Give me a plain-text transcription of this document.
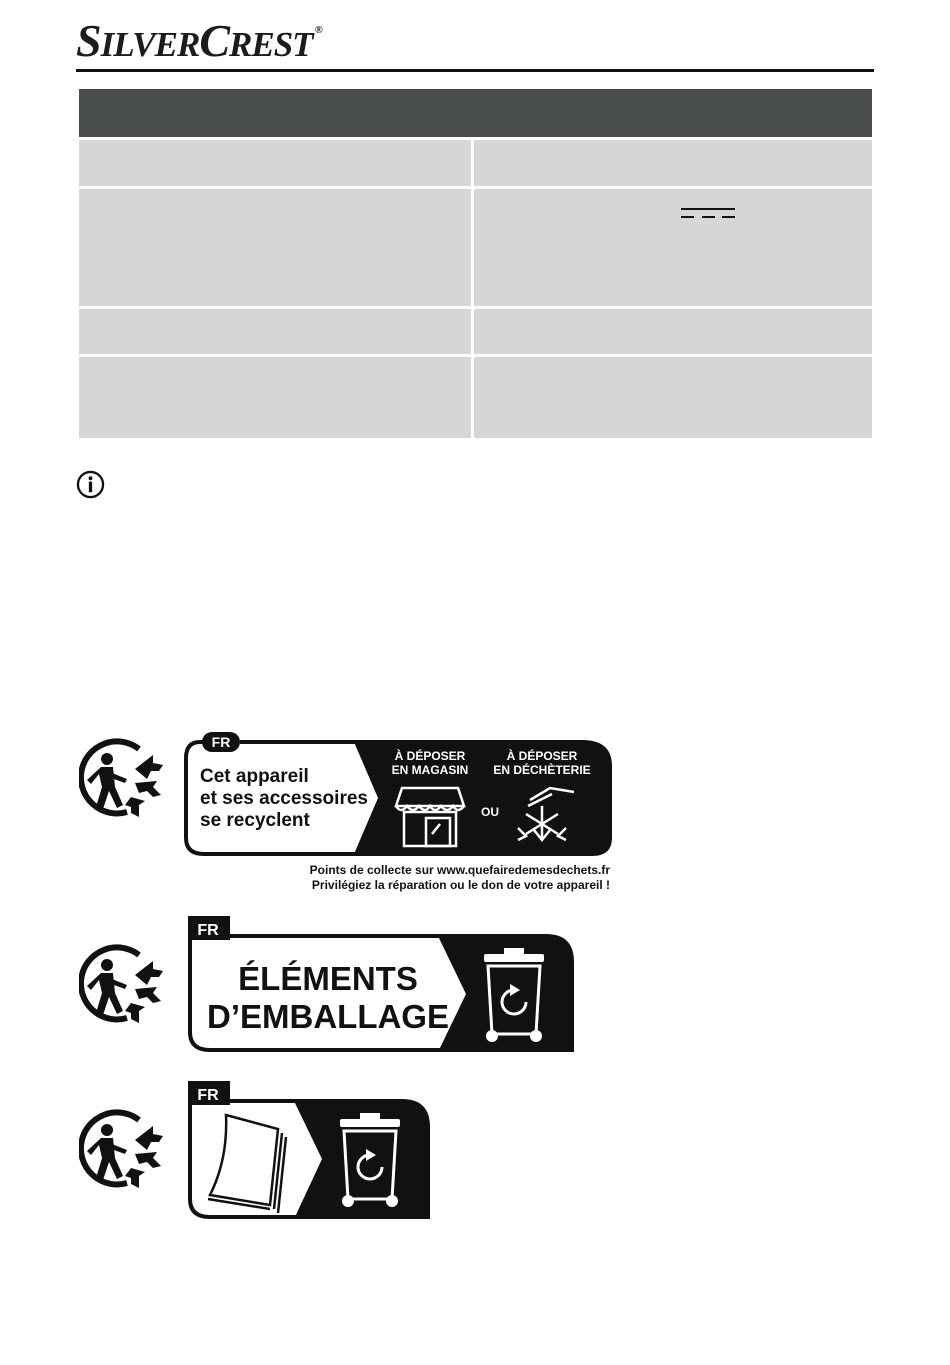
SILVERCREST ®
FR
Cet appareil
et ses accessoires
se recyclent
À DÉPOSER
EN MAGASIN
À DÉPOSER
EN DÉCHÈTERIE
OU
Points de collecte sur www.quefairedemesdechets.fr
Privilégiez la réparation ou le don de votre appareil !
FR
ÉLÉMENTS
D’EMBALLAGE
FR
